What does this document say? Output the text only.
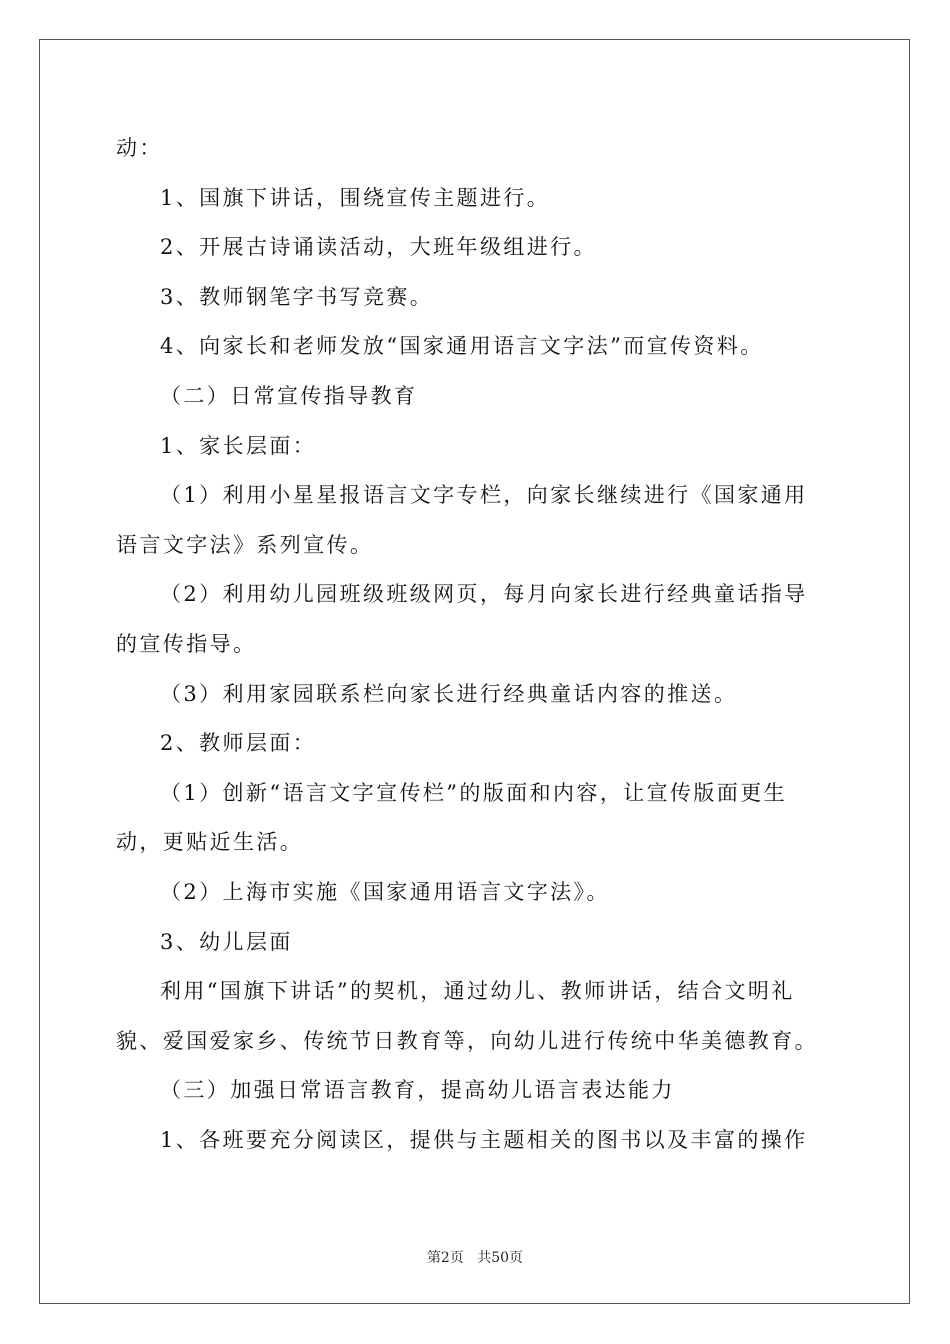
动：
1、国旗下讲话，围绕宣传主题进行。
2、开展古诗诵读活动，大班年级组进行。
3、教师钢笔字书写竞赛。
4、向家长和老师发放“国家通用语言文字法”而宣传资料。
（二）日常宣传指导教育
1、家长层面：
（1）利用小星星报语言文字专栏，向家长继续进行《国家通用
语言文字法》系列宣传。
（2）利用幼儿园班级班级网页，每月向家长进行经典童话指导
的宣传指导。
（3）利用家园联系栏向家长进行经典童话内容的推送。
2、教师层面：
（1）创新“语言文字宣传栏”的版面和内容，让宣传版面更生
动，更贴近生活。
（2）上海市实施《国家通用语言文字法》。
3、幼儿层面
利用“国旗下讲话”的契机，通过幼儿、教师讲话，结合文明礼
貌、爱国爱家乡、传统节日教育等，向幼儿进行传统中华美德教育。
（三）加强日常语言教育，提高幼儿语言表达能力
1、各班要充分阅读区，提供与主题相关的图书以及丰富的操作
第2页 共50页
